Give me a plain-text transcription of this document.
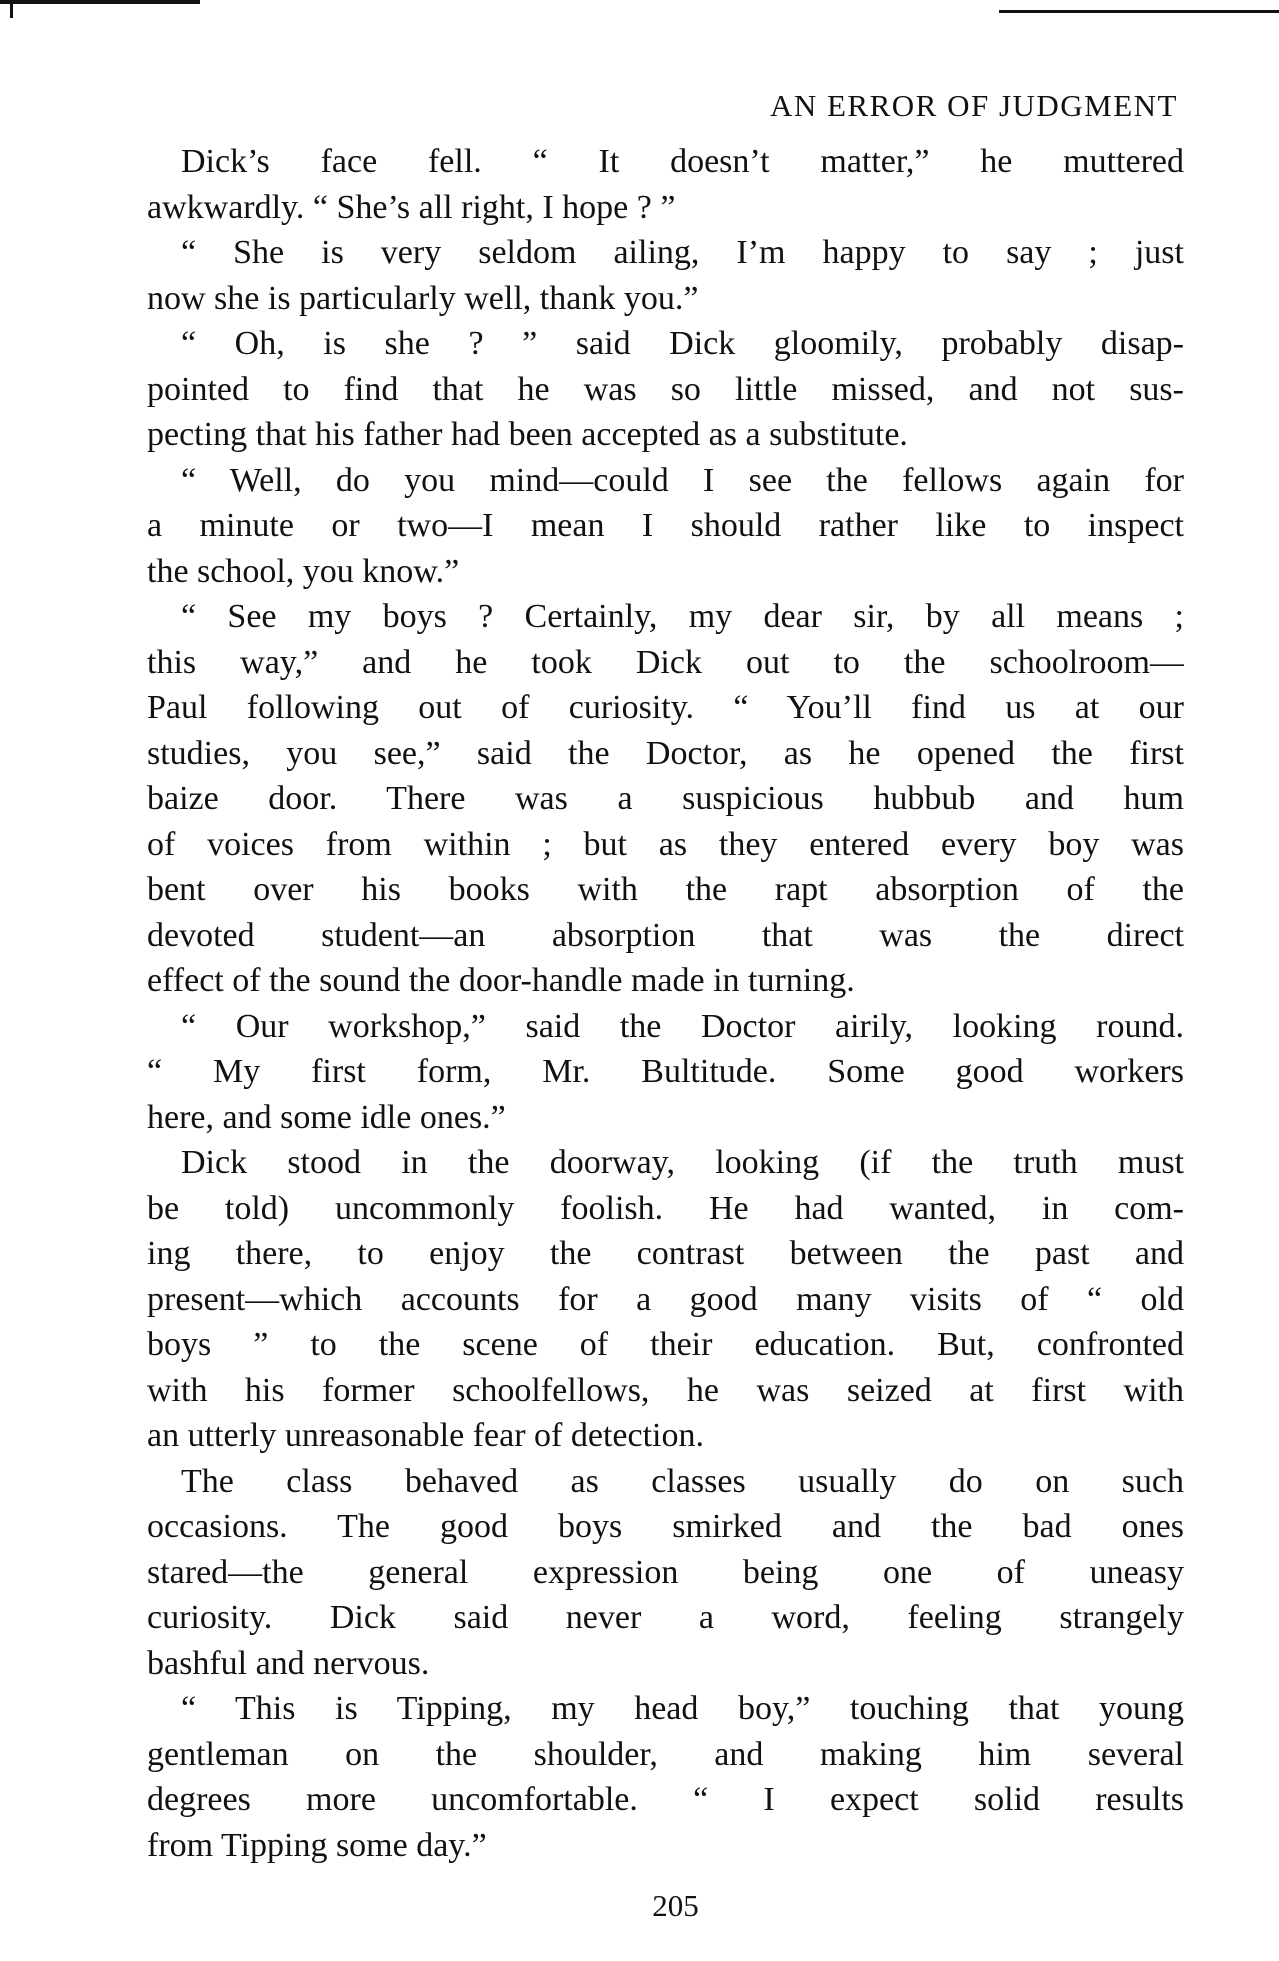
AN ERROR OF JUDGMENT
Dick’s face fell. “ It doesn’t matter,” he muttered
awkwardly. “ She’s all right, I hope ? ”
“ She is very seldom ailing, I’m happy to say ; just
now she is particularly well, thank you.”
“ Oh, is she ? ” said Dick gloomily, probably disap-
pointed to find that he was so little missed, and not sus-
pecting that his father had been accepted as a substitute.
“ Well, do you mind—could I see the fellows again for
a minute or two—I mean I should rather like to inspect
the school, you know.”
“ See my boys ? Certainly, my dear sir, by all means ;
this way,” and he took Dick out to the schoolroom—
Paul following out of curiosity. “ You’ll find us at our
studies, you see,” said the Doctor, as he opened the first
baize door. There was a suspicious hubbub and hum
of voices from within ; but as they entered every boy was
bent over his books with the rapt absorption of the
devoted student—an absorption that was the direct
effect of the sound the door-handle made in turning.
“ Our workshop,” said the Doctor airily, looking round.
“ My first form, Mr. Bultitude. Some good workers
here, and some idle ones.”
Dick stood in the doorway, looking (if the truth must
be told) uncommonly foolish. He had wanted, in com-
ing there, to enjoy the contrast between the past and
present—which accounts for a good many visits of “ old
boys ” to the scene of their education. But, confronted
with his former schoolfellows, he was seized at first with
an utterly unreasonable fear of detection.
The class behaved as classes usually do on such
occasions. The good boys smirked and the bad ones
stared—the general expression being one of uneasy
curiosity. Dick said never a word, feeling strangely
bashful and nervous.
“ This is Tipping, my head boy,” touching that young
gentleman on the shoulder, and making him several
degrees more uncomfortable. “ I expect solid results
from Tipping some day.”
205
